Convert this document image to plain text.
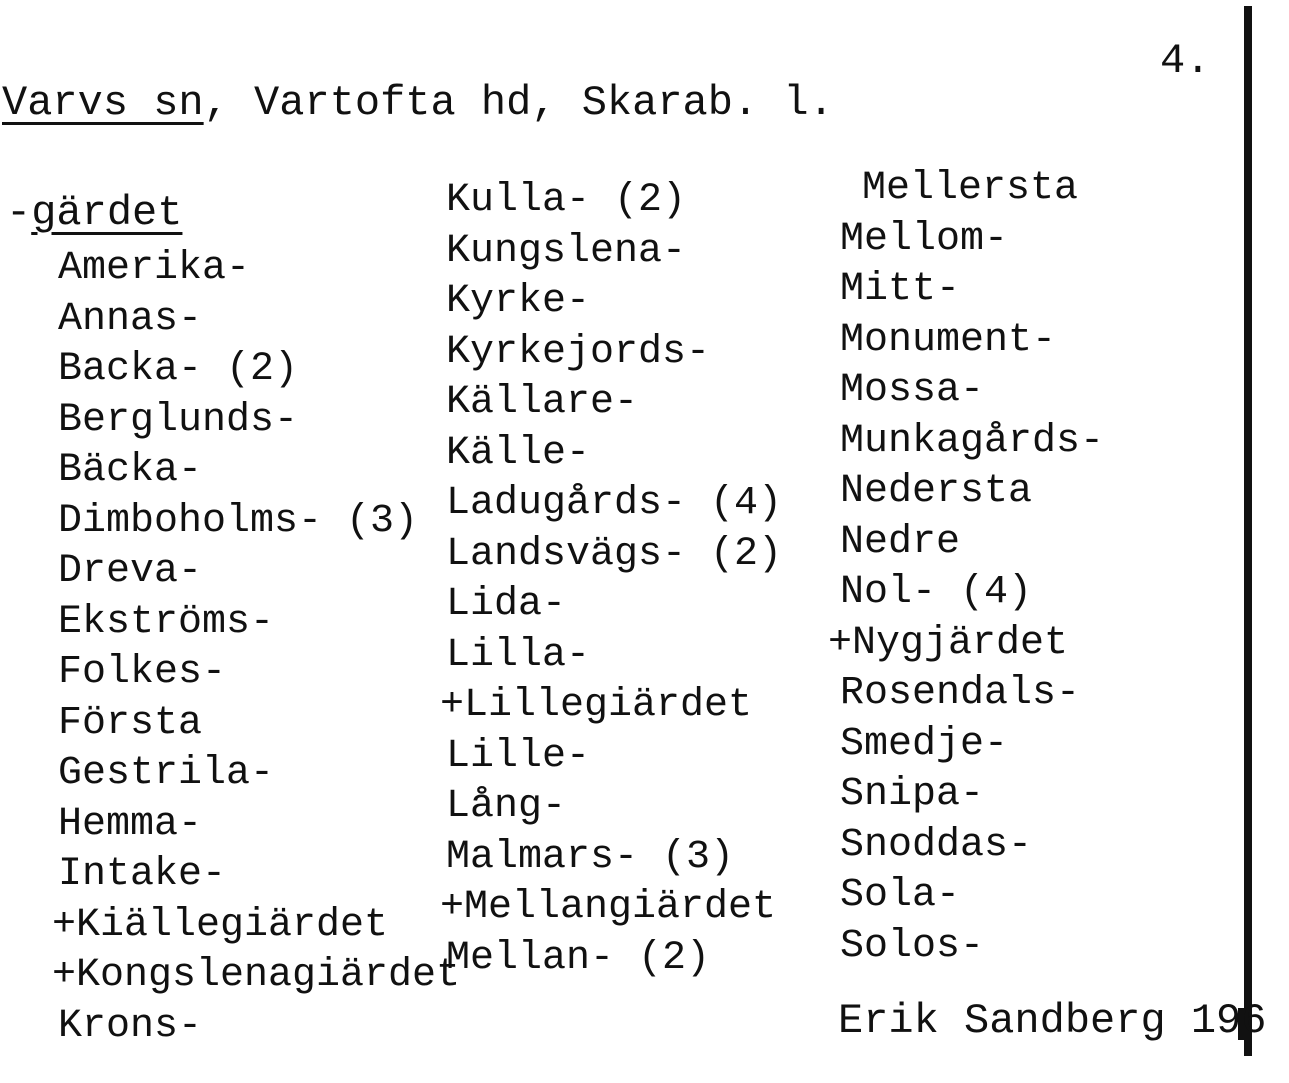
4.
Varvs sn, Vartofta hd, Skarab. l.
-gärdet
Amerika-
Annas-
Backa- (2)
Berglunds-
Bäcka-
Dimboholms- (3)
Dreva-
Ekströms-
Folkes-
Första
Gestrila-
Hemma-
Intake-
+Kiällegiärdet
+Kongslenagiärdet
Krons-
Kulla- (2)
Kungslena-
Kyrke-
Kyrkejords-
Källare-
Källe-
Ladugårds- (4)
Landsvägs- (2)
Lida-
Lilla-
+Lillegiärdet
Lille-
Lång-
Malmars- (3)
+Mellangiärdet
Mellan- (2)
Mellersta
Mellom-
Mitt-
Monument-
Mossa-
Munkagårds-
Nedersta
Nedre
Nol- (4)
+Nygjärdet
Rosendals-
Smedje-
Snipa-
Snoddas-
Sola-
Solos-
Erik Sandberg 196
